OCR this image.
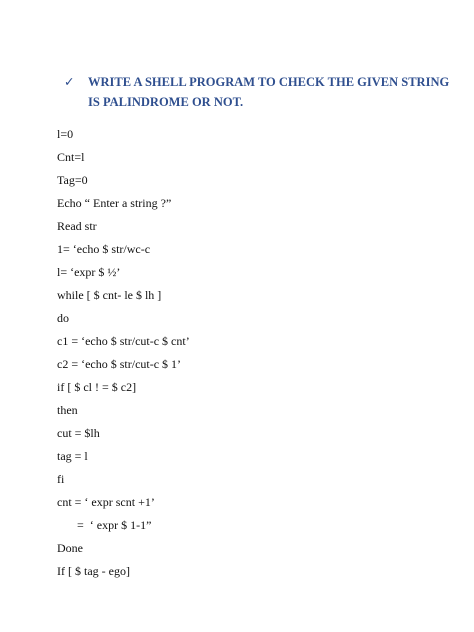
✓	WRITE A SHELL PROGRAM TO CHECK THE GIVEN STRING
IS PALINDROME OR NOT.
l=0
Cnt=l
Tag=0
Echo “ Enter a string ?”
Read str
1= ‘echo $ str/wc-c
l= ‘expr $ ½’
while [ $ cnt- le $ lh ]
do
c1 = ‘echo $ str/cut-c $ cnt’
c2 = ‘echo $ str/cut-c $ 1’
if [ $ cl ! = $ c2]
then
cut = $lh
tag = l
fi
cnt = ‘ expr scnt +1’
=  ‘ expr $ 1-1”
Done
If [ $ tag - ego]
